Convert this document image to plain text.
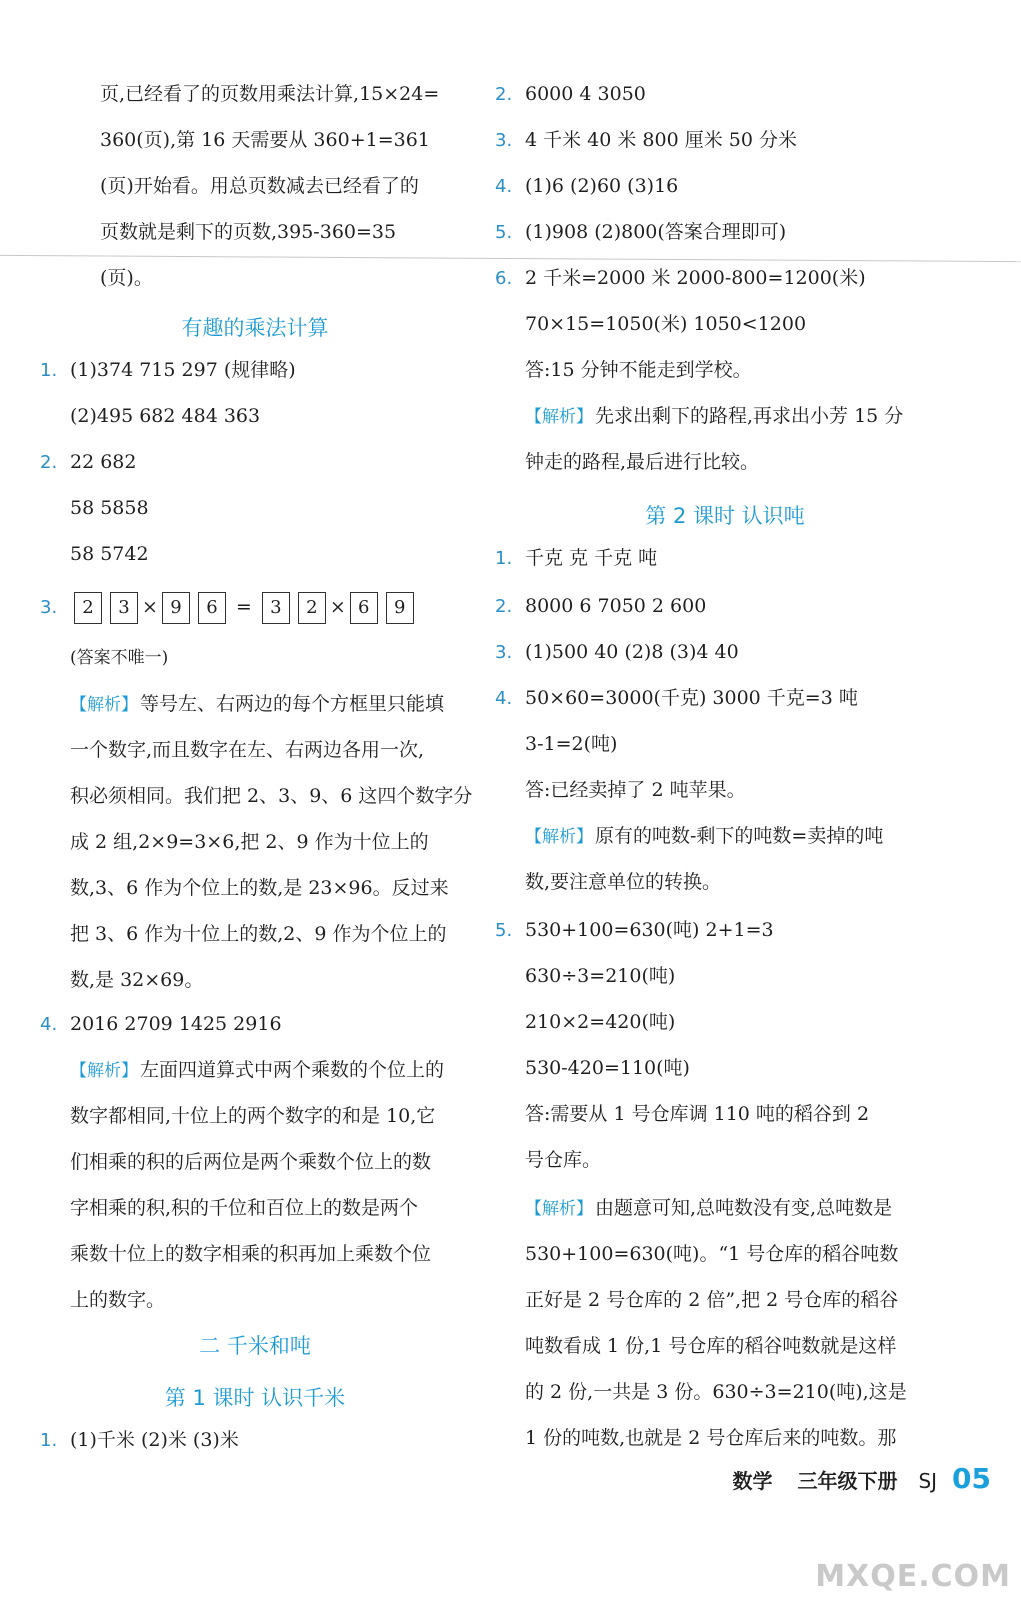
页,已经看了的页数用乘法计算,15×24=
360(页),第 16 天需要从 360+1=361
(页)开始看。用总页数减去已经看了的
页数就是剩下的页数,395-360=35
(页)。
有趣的乘法计算
1. (1)374 715 297 (规律略)
(2)495 682 484 363
2. 22 682
58 5858
58 5742
3. 2 3 × 9 6 = 3 2 × 6 9
(答案不唯一)
【解析】 等号左、右两边的每个方框里只能填
一个数字,而且数字在左、右两边各用一次,
积必须相同。我们把 2、3、9、6 这四个数字分
成 2 组,2×9=3×6,把 2、9 作为十位上的
数,3、6 作为个位上的数,是 23×96。反过来
把 3、6 作为十位上的数,2、9 作为个位上的
数,是 32×69。
4. 2016 2709 1425 2916
【解析】 左面四道算式中两个乘数的个位上的
数字都相同,十位上的两个数字的和是 10,它
们相乘的积的后两位是两个乘数个位上的数
字相乘的积,积的千位和百位上的数是两个
乘数十位上的数字相乘的积再加上乘数个位
上的数字。
二 千米和吨
第 1 课时 认识千米
1. (1)千米 (2)米 (3)米
2. 6000 4 3050
3. 4 千米 40 米 800 厘米 50 分米
4. (1)6 (2)60 (3)16
5. (1)908 (2)800(答案合理即可)
6. 2 千米=2000 米 2000-800=1200(米)
70×15=1050(米) 1050<1200
答:15 分钟不能走到学校。
【解析】 先求出剩下的路程,再求出小芳 15 分
钟走的路程,最后进行比较。
第 2 课时 认识吨
1. 千克 克 千克 吨
2. 8000 6 7050 2 600
3. (1)500 40 (2)8 (3)4 40
4. 50×60=3000(千克) 3000 千克=3 吨
3-1=2(吨)
答:已经卖掉了 2 吨苹果。
【解析】 原有的吨数-剩下的吨数=卖掉的吨
数,要注意单位的转换。
5. 530+100=630(吨) 2+1=3
630÷3=210(吨)
210×2=420(吨)
530-420=110(吨)
答:需要从 1 号仓库调 110 吨的稻谷到 2
号仓库。
【解析】 由题意可知,总吨数没有变,总吨数是
530+100=630(吨)。“1 号仓库的稻谷吨数
正好是 2 号仓库的 2 倍”,把 2 号仓库的稻谷
吨数看成 1 份,1 号仓库的稻谷吨数就是这样
的 2 份,一共是 3 份。630÷3=210(吨),这是
1 份的吨数,也就是 2 号仓库后来的吨数。那
数学 三年级下册 SJ 05
MXQE.COM
